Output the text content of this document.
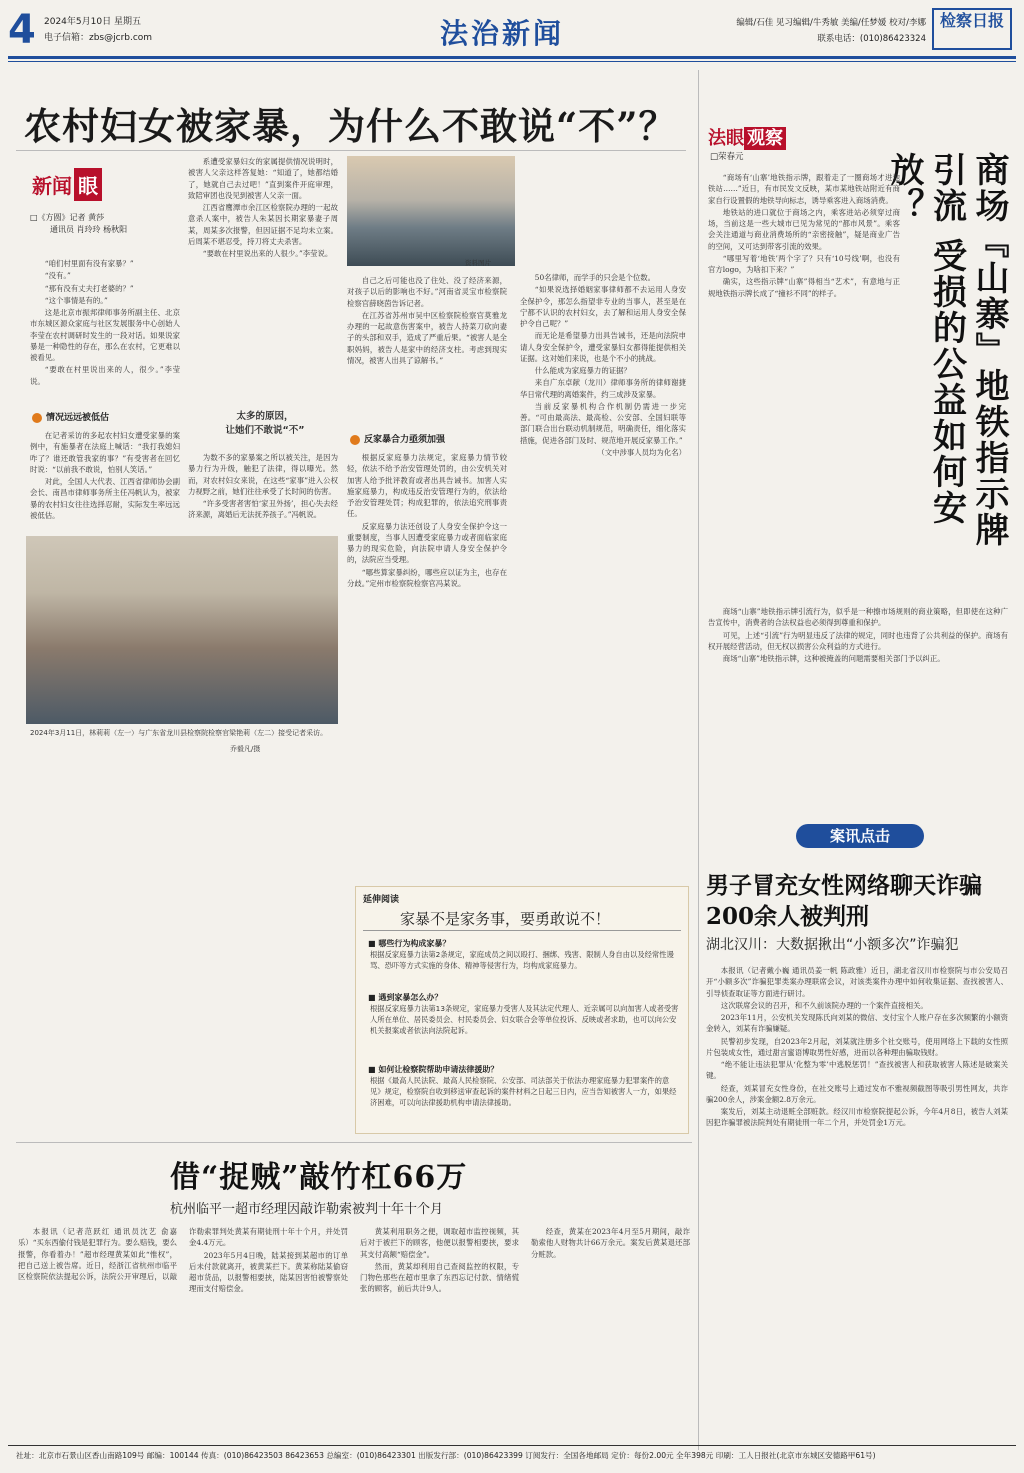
4 2024年5月10日 星期五
电子信箱：zbs@jcrb.com	法治新闻	编辑/石佳 见习编辑/牛秀敏 美编/任梦媛 校对/李娜
联系电话：(010)86423324
检察日报
农村妇女被家暴，为什么不敢说“不”？
新闻 眼
□《方圆》记者 黄莎
通讯员 肖玲玲 杨秋阳

“咱们村里面有没有家暴？”

“没有。”

“那有没有丈夫打老婆的？”

“这个事情是有的。”

这是北京市振邦律师事务所副主任、北京市东城区源众家庭与社区发展服务中心创始人李莹在农村调研时发生的一段对话。如果说家暴是一种隐性的存在，那么在农村，它更难以被看见。

“要敢在村里说出来的人，很少。”李莹说。

情况远远被低估

在记者采访的多起农村妇女遭受家暴的案例中，有施暴者在法庭上喊话：“我打我媳妇咋了？谁还敢管我家的事？”有受害者在回忆时说：“以前我不敢说，怕别人笑话。”

对此，全国人大代表、江西省律师协会副会长、南昌市律师事务所主任冯帆认为，被家暴的农村妇女往往选择忍耐，实际发生率远远被低估。

系遭受家暴妇女的家属提供情况说明时，被害人父亲这样答复她：“知道了，她都结婚了，她就自己去过吧！”直到案件开庭审理，致陪审团也没见到被害人父亲一面。

江西省鹰潭市余江区检察院办理的一起故意杀人案中，被告人朱某因长期家暴妻子周某，周某多次报警，但因证据不足均未立案。后周某不堪忍受，持刀将丈夫杀害。

“要敢在村里说出来的人很少。”李莹说。

太多的原因，
让她们不敢说“不”

为数不多的家暴案之所以被关注，是因为暴力行为升级，触犯了法律，得以曝光。然而，对农村妇女来说，在这些“家事”进入公权力视野之前，她们往往承受了长时间的伤害。

“许多受害者害怕‘家丑外扬’，担心失去经济来源，离婚后无法抚养孩子。”冯帆说。

资料图片

自己之后可能也没了住处、没了经济来源，对孩子以后的影响也不好。”河南省灵宝市检察院检察官薛晓茵告诉记者。

在江苏省苏州市吴中区检察院检察官莫雅龙办理的一起故意伤害案中，被告人持菜刀砍向妻子的头部和双手，造成了严重后果。“被害人是全职妈妈，被告人是家中的经济支柱。考虑到现实情况，被害人出具了谅解书。”

反家暴合力亟须加强

根据反家庭暴力法规定，家庭暴力情节较轻，依法不给予治安管理处罚的，由公安机关对加害人给予批评教育或者出具告诫书。加害人实施家庭暴力，构成违反治安管理行为的，依法给予治安管理处罚；构成犯罪的，依法追究刑事责任。

反家庭暴力法还创设了人身安全保护令这一重要制度，当事人因遭受家庭暴力或者面临家庭暴力的现实危险，向法院申请人身安全保护令的，法院应当受理。

“哪些算家暴纠纷，哪些应以证为主，也存在分歧。”定州市检察院检察官冯某说。

50名律师，而学手的只会是个位数。

“如果说选择婚姻家事律师都不去运用人身安全保护令，那怎么指望非专业的当事人，甚至是在宁都不认识的农村妇女，去了解和运用人身安全保护令自己呢？”

而无论是希望暴力出具告诫书，还是向法院申请人身安全保护令，遭受家暴妇女都得能提供相关证据。这对她们来说，也是个不小的挑战。

什么能成为家庭暴力的证据？

来自广东卓献（龙川）律师事务所的律师谢捷华日常代理的离婚案件，约三成涉及家暴。

当前反家暴机构合作机制仍需进一步完善。“可由最高法、最高检、公安部、全国妇联等部门联合出台联动机制规范，明确责任，细化落实措施，促进各部门及时、规范地开展反家暴工作。”

（文中涉事人员均为化名）

2024年3月11日，林莉莉（左一）与广东省龙川县检察院检察官梁艳莉（左二）接受记者采访。
乔毅凡/摄
延伸阅读
家暴不是家务事，要勇敢说不！
■ 哪些行为构成家暴？
根据反家庭暴力法第2条规定，家庭成员之间以殴打、捆绑、残害、限制人身自由以及经常性谩骂、恐吓等方式实施的身体、精神等侵害行为，均构成家庭暴力。
■ 遇到家暴怎么办？
根据反家庭暴力法第13条规定，家庭暴力受害人及其法定代理人、近亲属可以向加害人或者受害人所在单位、居民委员会、村民委员会、妇女联合会等单位投诉、反映或者求助，也可以向公安机关报案或者依法向法院起诉。
■ 如何让检察院帮助申请法律援助？
根据《最高人民法院、最高人民检察院、公安部、司法部关于依法办理家庭暴力犯罪案件的意见》规定，检察院自收到移送审查起诉的案件材料之日起三日内，应当告知被害人一方，如果经济困难，可以向法律援助机构申请法律援助。
法眼 观察
□荣春元	商场『山寨』地铁指示牌引流 受损的公益如何安放？

“商场有‘山寨’地铁指示牌，跟着走了一圈商场才进地铁站……”近日，有市民发文反映，某市某地铁站附近有商家自行设置假的地铁导向标志，诱导乘客进入商场消费。

地铁站的进口就位于商场之内，乘客进站必须穿过商场，当前这是一些大城市已见为常见的“都市风景”。乘客会关注通道与商业消费场所的“亲密接触”，疑是商业广告的空间，又可达到带客引流的效果。

“哪里写着‘地铁’两个字了？只有‘10号线’啊，也没有官方logo，为啥扣下来？”

确实，这些指示牌“山寨”得相当“艺术”，有意地与正规地铁指示牌长成了“撞衫不同”的样子。

商场“山寨”地铁指示牌引流行为，似乎是一种擦市场规则的商业策略，但即使在这种广告宣传中，消费者的合法权益也必须得到尊重和保护。

可见，上述“引流”行为明显违反了法律的规定，同时也违背了公共利益的保护。商场有权开展经营活动，但无权以损害公众利益的方式进行。

商场“山寨”地铁指示牌，这种被掩盖的问题需要相关部门予以纠正。

案讯点击
男子冒充女性网络聊天诈骗200余人被判刑
湖北汉川：大数据揪出“小额多次”诈骗犯

本报讯（记者戴小巍 通讯员姜一帆 陈政雅）近日，湖北省汉川市检察院与市公安局召开“小额多次”诈骗犯罪类案办理联席会议，对该类案件办理中如何收集证据、查找被害人、引导侦查取证等方面进行研讨。

这次联席会议的召开，和不久前该院办理的一个案件直接相关。

2023年11月，公安机关发现陈氏向刘某的微信、支付宝个人账户存在多次频繁的小额资金转入，刘某有诈骗嫌疑。

民警初步发现，自2023年2月起，刘某就注册多个社交账号，使用网络上下载的女性照片包装成女性，通过甜言蜜语博取男性好感，进而以各种理由骗取钱财。

“绝不能让违法犯罪从‘化整为零’中逃脱惩罚！”查找被害人和获取被害人陈述是破案关键。

经查，刘某冒充女性身份，在社交账号上通过发布不雅视频截图等吸引男性网友，共诈骗200余人，涉案金额2.8万余元。

案发后，刘某主动退赃全部赃款。经汉川市检察院提起公诉，今年4月8日，被告人刘某因犯诈骗罪被法院判处有期徒刑一年二个月，并处罚金1万元。

借“捉贼”敲竹杠66万
杭州临平一超市经理因敲诈勒索被判十年十个月

本报讯（记者范跃红 通讯员沈艺 俞嘉乐）“买东西偷付钱是犯罪行为。要么赔钱，要么报警，你看着办！”超市经理黄某如此“惟权”，把自己送上被告席。近日，经浙江省杭州市临平区检察院依法提起公诉，法院公开审理后，以敲诈勒索罪判处黄某有期徒刑十年十个月，并处罚金4.4万元。

2023年5月4日晚，陆某接到某超市的订单后未付款就离开，被黄某拦下。黄某称陆某偷窃超市货品，以报警相要挟，陆某因害怕被警察处理而支付赔偿金。

黄某利用职务之便，调取超市监控视频，其后对于被拦下的顾客，他便以报警相要挟，要求其支付高额“赔偿金”。

然而，黄某却利用自己查阅监控的权限，专门物色那些在超市里拿了东西忘记付款、情绪慌张的顾客，前后共计9人。

经查，黄某在2023年4月至5月期间，敲诈勒索他人财物共计66万余元。案发后黄某退还部分赃款。

社址：北京市石景山区香山南路109号 邮编：100144 传真：(010)86423503 86423653 总编室：(010)86423301 出版发行部：(010)86423399 订阅发行：全国各地邮局 定价：每份2.00元 全年398元 印刷：工人日报社(北京市东城区安德路甲61号)
